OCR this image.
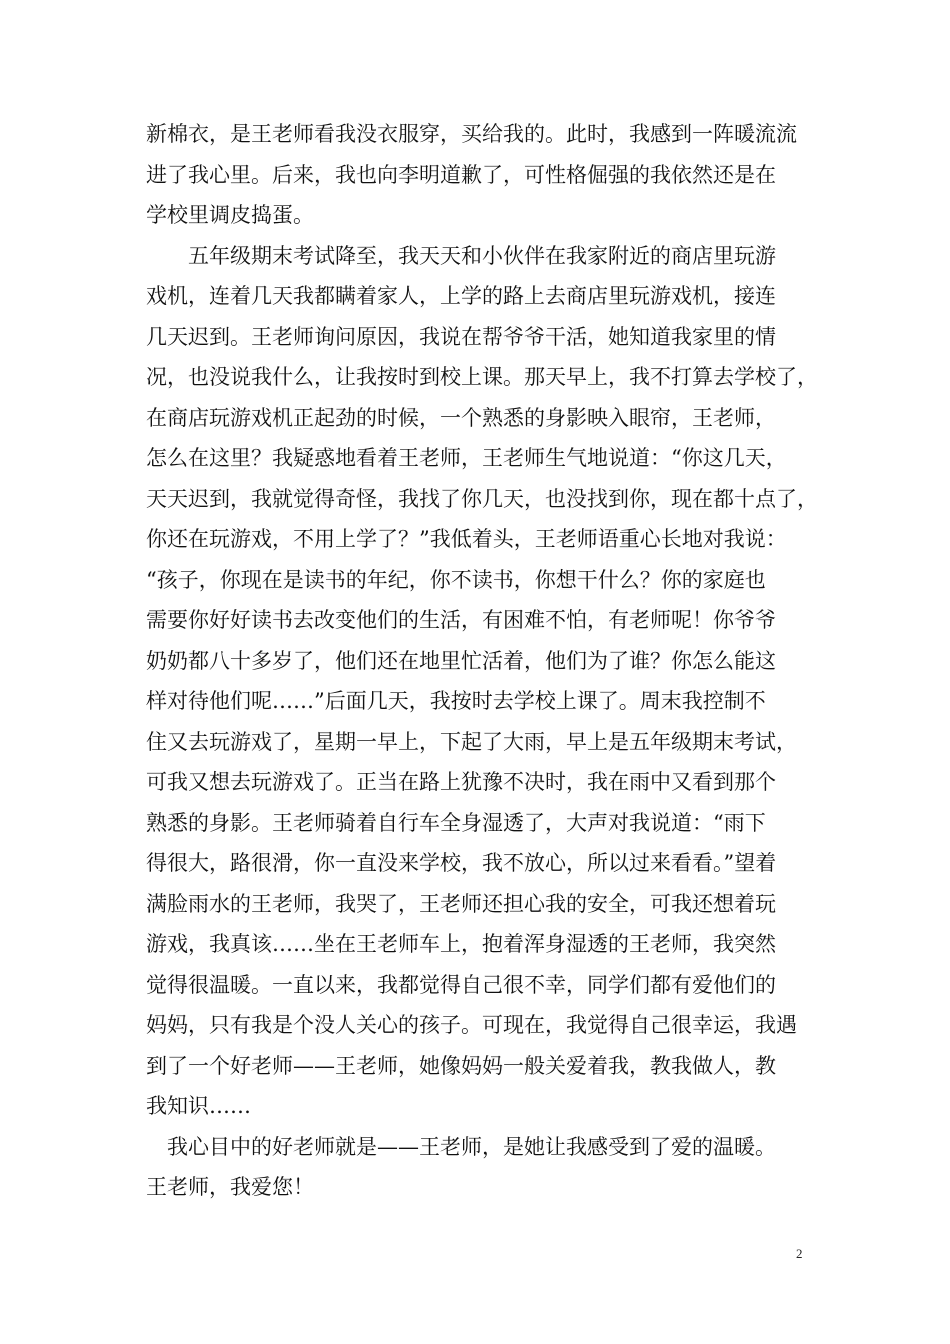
新棉衣，是王老师看我没衣服穿，买给我的。此时，我感到一阵暖流流
进了我心里。后来，我也向李明道歉了，可性格倔强的我依然还是在
学校里调皮捣蛋。
五年级期末考试降至，我天天和小伙伴在我家附近的商店里玩游
戏机，连着几天我都瞒着家人，上学的路上去商店里玩游戏机，接连
几天迟到。王老师询问原因，我说在帮爷爷干活，她知道我家里的情
况，也没说我什么，让我按时到校上课。那天早上，我不打算去学校了，
在商店玩游戏机正起劲的时候，一个熟悉的身影映入眼帘，王老师，
怎么在这里？我疑惑地看着王老师，王老师生气地说道：“你这几天，
天天迟到，我就觉得奇怪，我找了你几天，也没找到你，现在都十点了，
你还在玩游戏，不用上学了？”我低着头，王老师语重心长地对我说：
“孩子，你现在是读书的年纪，你不读书，你想干什么？你的家庭也
需要你好好读书去改变他们的生活，有困难不怕，有老师呢！你爷爷
奶奶都八十多岁了，他们还在地里忙活着，他们为了谁？你怎么能这
样对待他们呢……”后面几天，我按时去学校上课了。周末我控制不
住又去玩游戏了，星期一早上，下起了大雨，早上是五年级期末考试，
可我又想去玩游戏了。正当在路上犹豫不决时，我在雨中又看到那个
熟悉的身影。王老师骑着自行车全身湿透了，大声对我说道：“雨下
得很大，路很滑，你一直没来学校，我不放心，所以过来看看。”望着
满脸雨水的王老师，我哭了，王老师还担心我的安全，可我还想着玩
游戏，我真该……坐在王老师车上，抱着浑身湿透的王老师，我突然
觉得很温暖。一直以来，我都觉得自己很不幸，同学们都有爱他们的
妈妈，只有我是个没人关心的孩子。可现在，我觉得自己很幸运，我遇
到了一个好老师——王老师，她像妈妈一般关爱着我，教我做人，教
我知识……
我心目中的好老师就是——王老师，是她让我感受到了爱的温暖。
王老师，我爱您！
2
